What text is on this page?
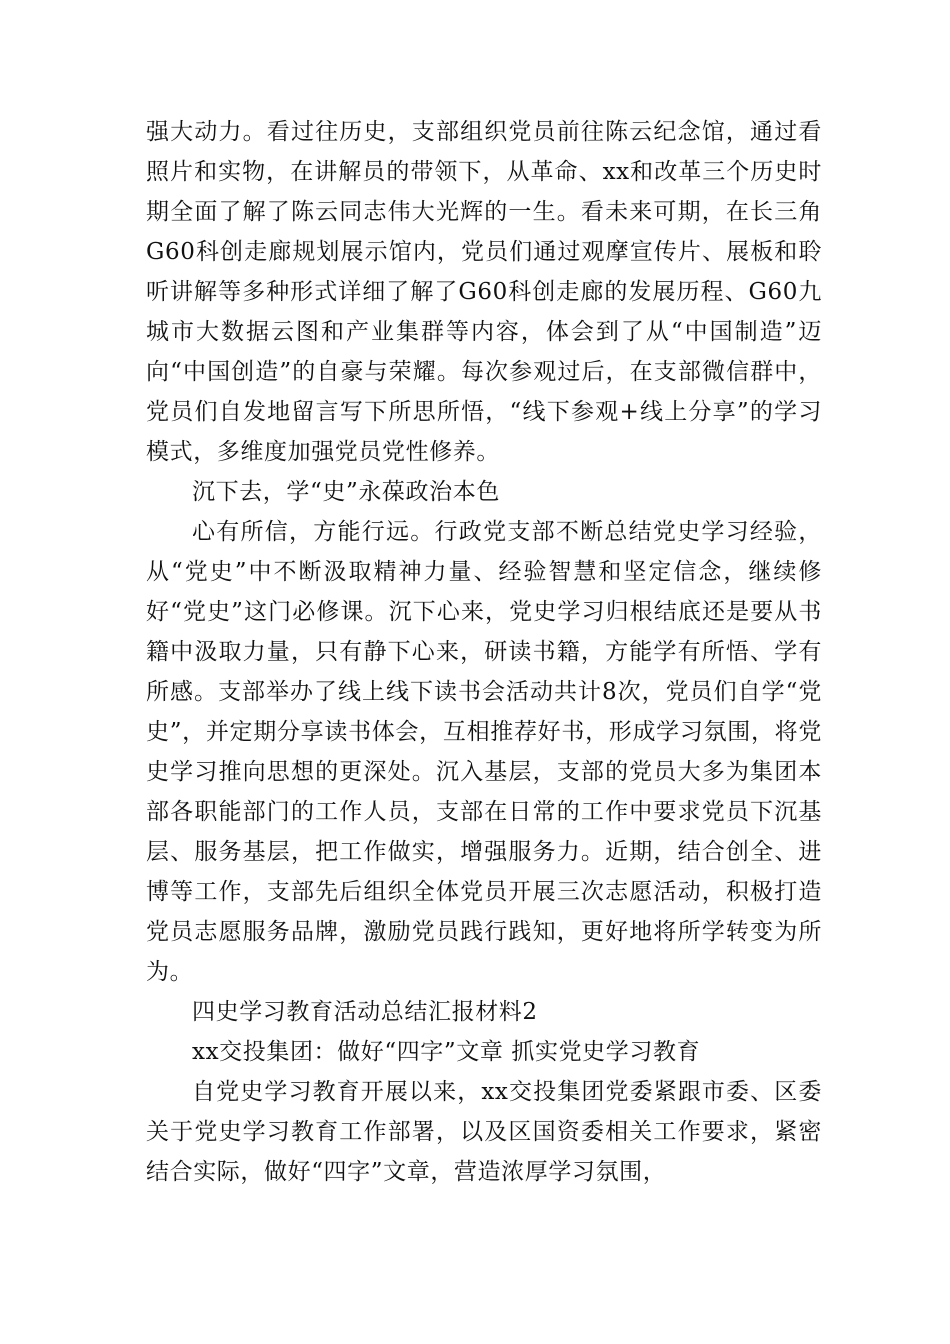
强大动力。看过往历史，支部组织党员前往陈云纪念馆，通过看照片和实物，在讲解员的带领下，从革命、xx和改革三个历史时期全面了解了陈云同志伟大光辉的一生。看未来可期，在长三角G60科创走廊规划展示馆内，党员们通过观摩宣传片、展板和聆听讲解等多种形式详细了解了G60科创走廊的发展历程、G60九城市大数据云图和产业集群等内容，体会到了从“中国制造”迈向“中国创造”的自豪与荣耀。每次参观过后，在支部微信群中，党员们自发地留言写下所思所悟，“线下参观+线上分享”的学习模式，多维度加强党员党性修养。

沉下去，学“史”永葆政治本色

心有所信，方能行远。行政党支部不断总结党史学习经验，从“党史”中不断汲取精神力量、经验智慧和坚定信念，继续修好“党史”这门必修课。沉下心来，党史学习归根结底还是要从书籍中汲取力量，只有静下心来，研读书籍，方能学有所悟、学有所感。支部举办了线上线下读书会活动共计8次，党员们自学“党史”，并定期分享读书体会，互相推荐好书，形成学习氛围，将党史学习推向思想的更深处。沉入基层，支部的党员大多为集团本部各职能部门的工作人员，支部在日常的工作中要求党员下沉基层、服务基层，把工作做实，增强服务力。近期，结合创全、进博等工作，支部先后组织全体党员开展三次志愿活动，积极打造党员志愿服务品牌，激励党员践行践知，更好地将所学转变为所为。

四史学习教育活动总结汇报材料2

xx交投集团：做好“四字”文章 抓实党史学习教育

自党史学习教育开展以来，xx交投集团党委紧跟市委、区委关于党史学习教育工作部署，以及区国资委相关工作要求，紧密结合实际，做好“四字”文章，营造浓厚学习氛围，
